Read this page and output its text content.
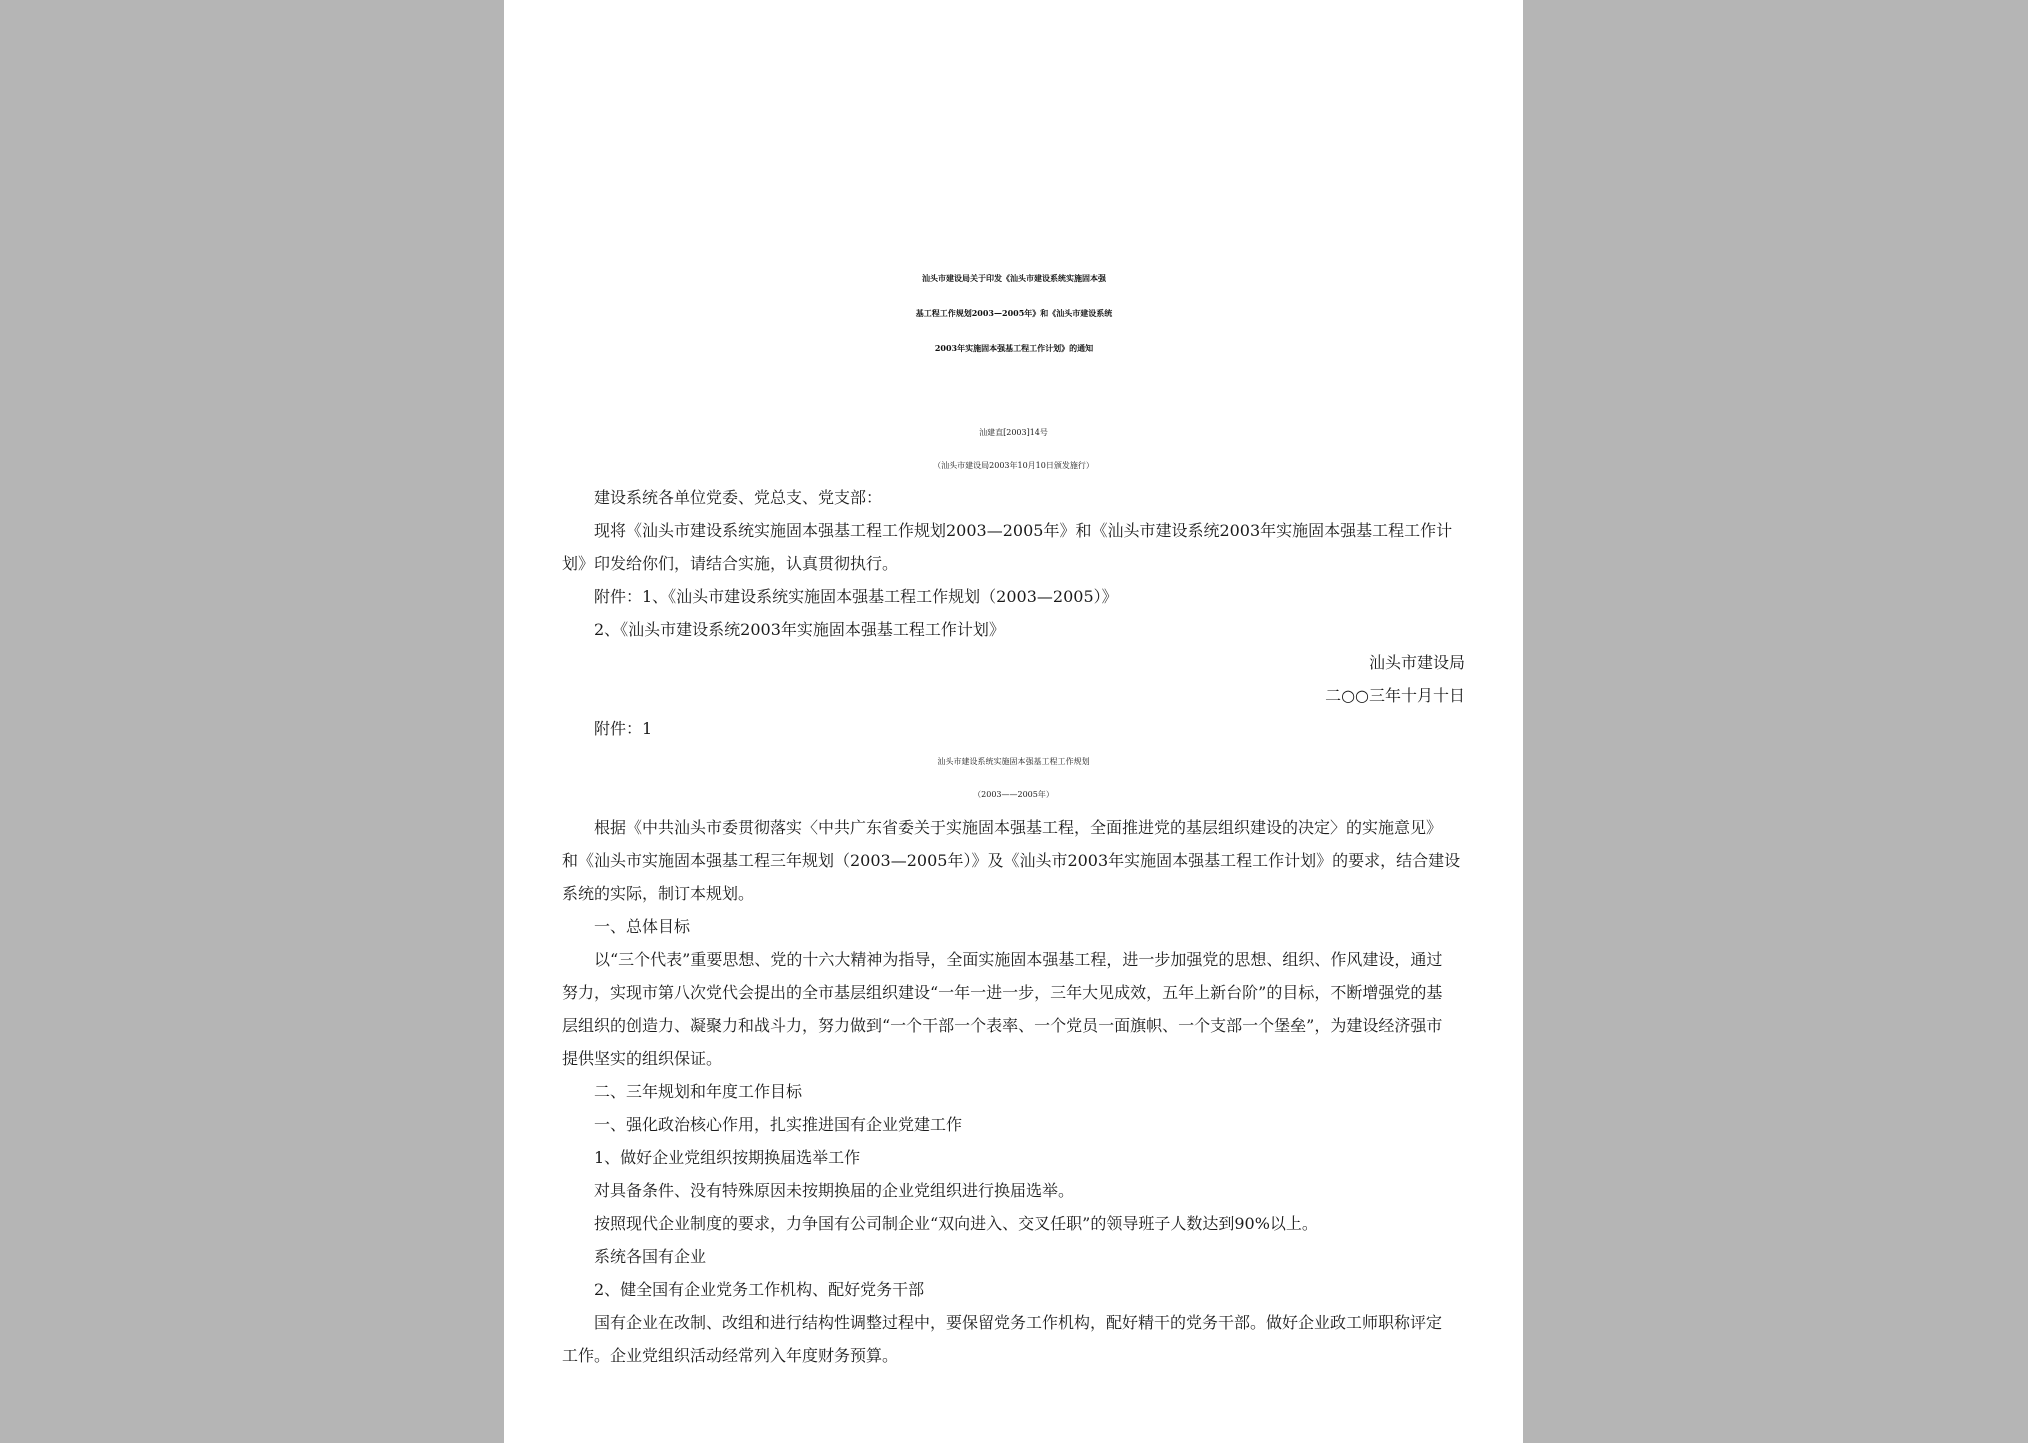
汕头市建设局关于印发《汕头市建设系统实施固本强
基工程工作规划2003—2005年》和《汕头市建设系统
2003年实施固本强基工程工作计划》的通知
汕建直[2003]14号
（汕头市建设局2003年10月10日颁发施行）
建设系统各单位党委、党总支、党支部：
现将《汕头市建设系统实施固本强基工程工作规划2003—2005年》和《汕头市建设系统2003年实施固本强基工程工作计
划》印发给你们，请结合实施，认真贯彻执行。
附件：1、《汕头市建设系统实施固本强基工程工作规划（2003—2005）》
2、《汕头市建设系统2003年实施固本强基工程工作计划》
汕头市建设局
二○○三年十月十日
附件：1
汕头市建设系统实施固本强基工程工作规划
（2003——2005年）
根据《中共汕头市委贯彻落实〈中共广东省委关于实施固本强基工程，全面推进党的基层组织建设的决定〉的实施意见》
和《汕头市实施固本强基工程三年规划（2003—2005年）》及《汕头市2003年实施固本强基工程工作计划》的要求，结合建设
系统的实际，制订本规划。
一、总体目标
以“三个代表”重要思想、党的十六大精神为指导，全面实施固本强基工程，进一步加强党的思想、组织、作风建设，通过
努力，实现市第八次党代会提出的全市基层组织建设“一年一进一步，三年大见成效，五年上新台阶”的目标，不断增强党的基
层组织的创造力、凝聚力和战斗力，努力做到“一个干部一个表率、一个党员一面旗帜、一个支部一个堡垒”，为建设经济强市
提供坚实的组织保证。
二、三年规划和年度工作目标
一、强化政治核心作用，扎实推进国有企业党建工作
1、做好企业党组织按期换届选举工作
对具备条件、没有特殊原因未按期换届的企业党组织进行换届选举。
按照现代企业制度的要求，力争国有公司制企业“双向进入、交叉任职”的领导班子人数达到90%以上。
系统各国有企业
2、健全国有企业党务工作机构、配好党务干部
国有企业在改制、改组和进行结构性调整过程中，要保留党务工作机构，配好精干的党务干部。做好企业政工师职称评定
工作。企业党组织活动经常列入年度财务预算。
